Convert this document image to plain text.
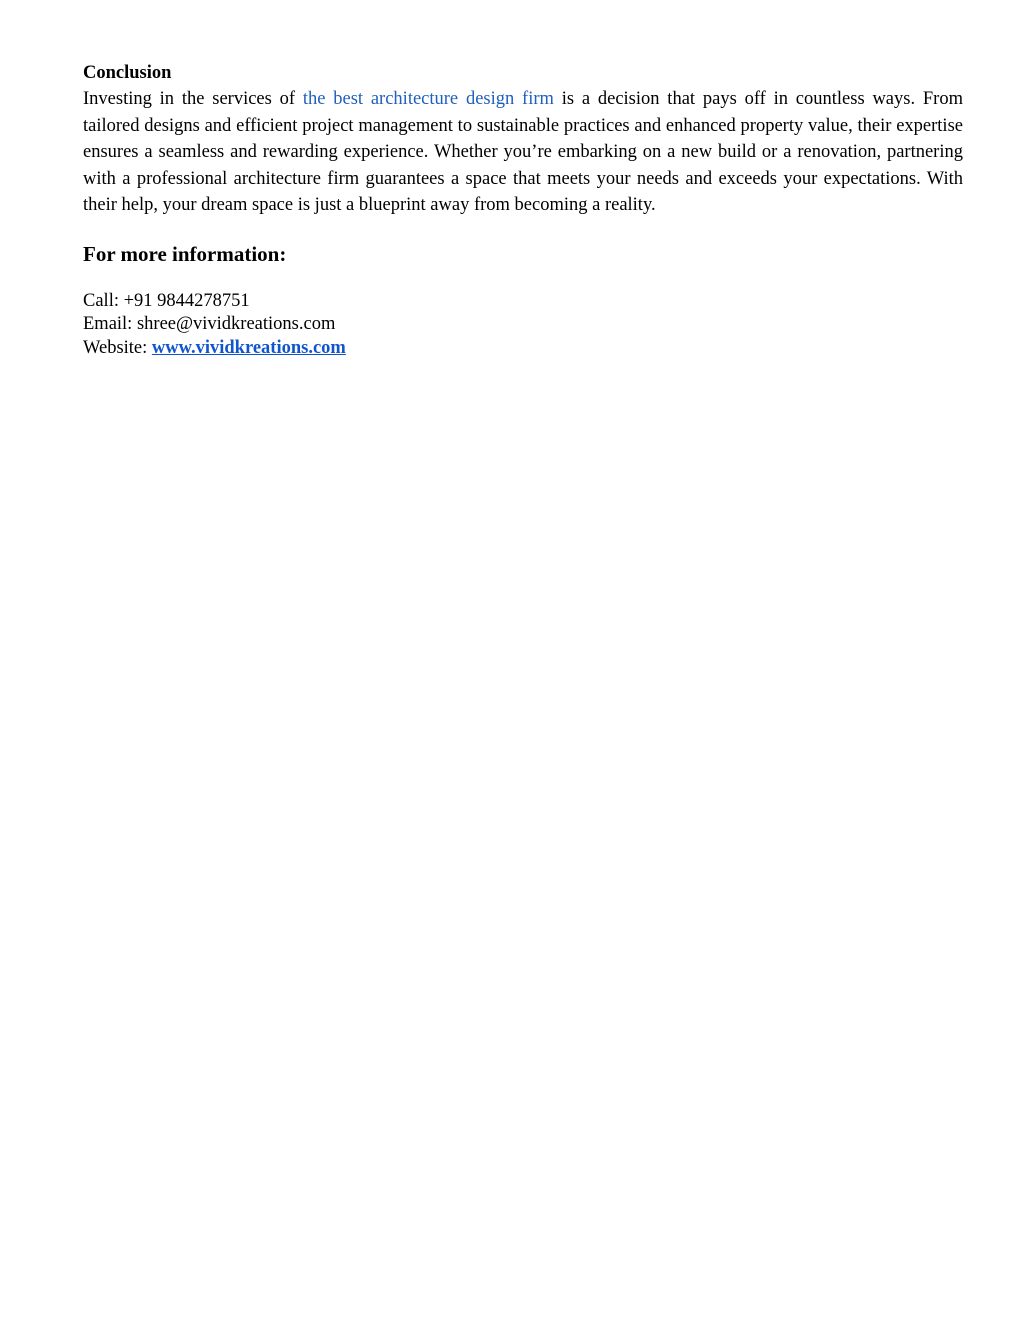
Conclusion

Investing in the services of the best architecture design firm is a decision that pays off in countless ways. From tailored designs and efficient project management to sustainable practices and enhanced property value, their expertise ensures a seamless and rewarding experience. Whether you’re embarking on a new build or a renovation, partnering with a professional architecture firm guarantees a space that meets your needs and exceeds your expectations. With their help, your dream space is just a blueprint away from becoming a reality.

For more information:
Call: +91 9844278751
Email: shree@vividkreations.com
Website: www.vividkreations.com
